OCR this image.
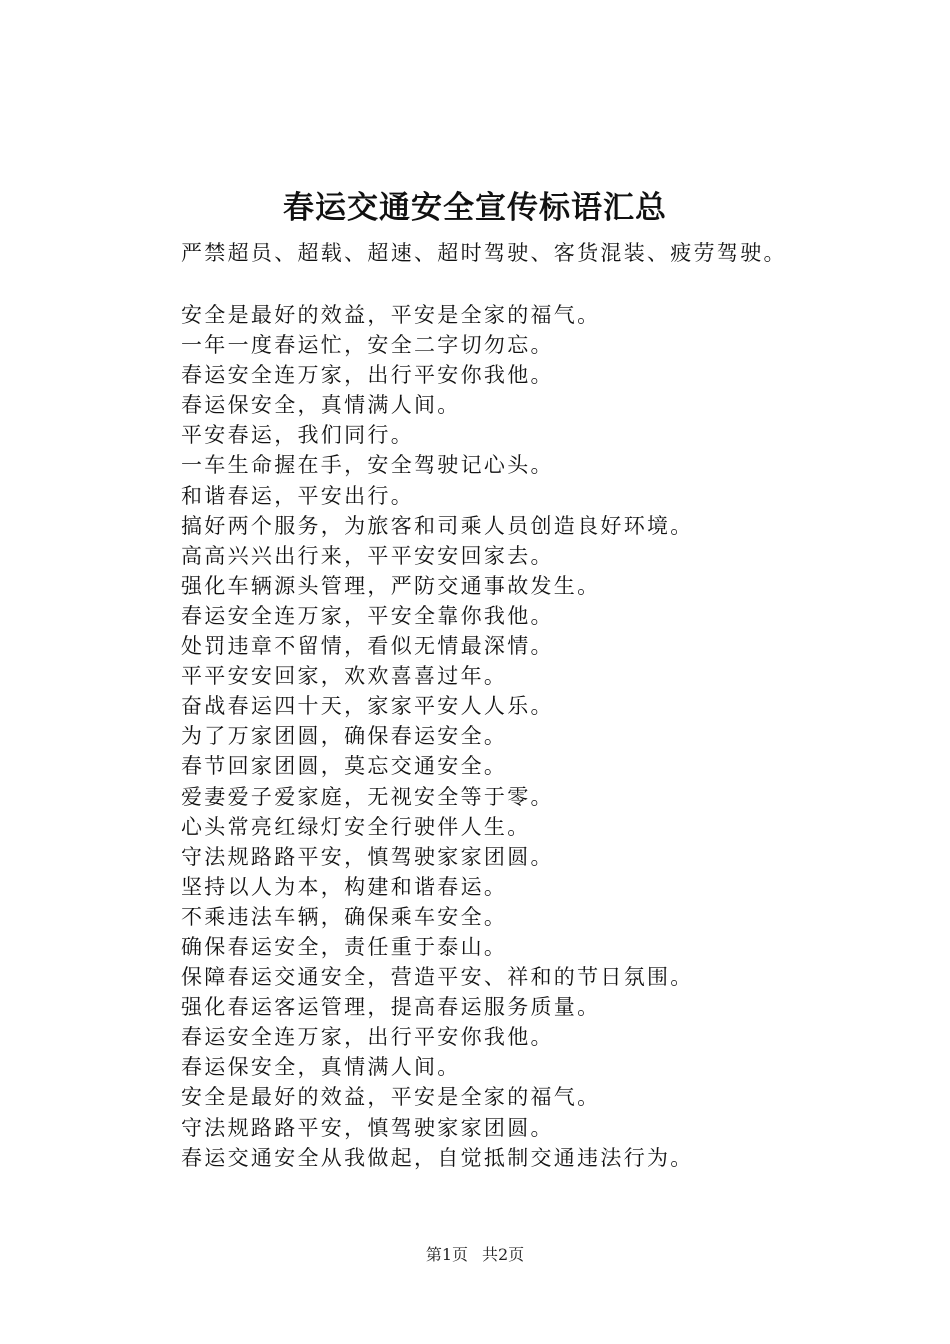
春运交通安全宣传标语汇总

严禁超员、超载、超速、超时驾驶、客货混装、疲劳驾驶。

安全是最好的效益，平安是全家的福气。
一年一度春运忙，安全二字切勿忘。
春运安全连万家，出行平安你我他。
春运保安全，真情满人间。
平安春运，我们同行。
一车生命握在手，安全驾驶记心头。
和谐春运，平安出行。
搞好两个服务，为旅客和司乘人员创造良好环境。
高高兴兴出行来，平平安安回家去。
强化车辆源头管理，严防交通事故发生。
春运安全连万家，平安全靠你我他。
处罚违章不留情，看似无情最深情。
平平安安回家，欢欢喜喜过年。
奋战春运四十天，家家平安人人乐。
为了万家团圆，确保春运安全。
春节回家团圆，莫忘交通安全。
爱妻爱子爱家庭，无视安全等于零。
心头常亮红绿灯安全行驶伴人生。
守法规路路平安，慎驾驶家家团圆。
坚持以人为本，构建和谐春运。
不乘违法车辆，确保乘车安全。
确保春运安全，责任重于泰山。
保障春运交通安全，营造平安、祥和的节日氛围。
强化春运客运管理，提高春运服务质量。
春运安全连万家，出行平安你我他。
春运保安全，真情满人间。
安全是最好的效益，平安是全家的福气。
守法规路路平安，慎驾驶家家团圆。
春运交通安全从我做起，自觉抵制交通违法行为。
第1页 共2页
